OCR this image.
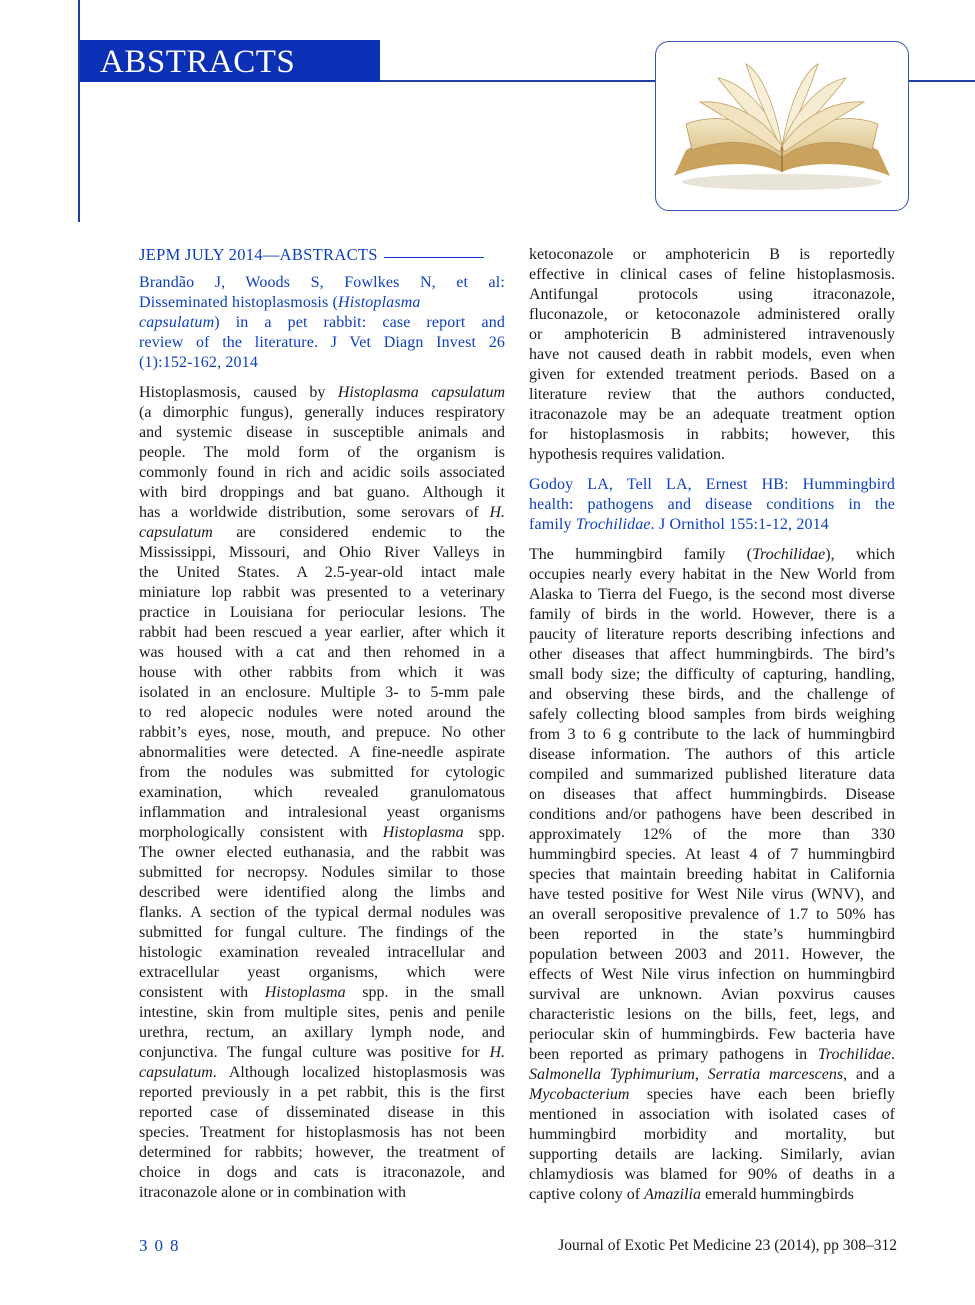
ABSTRACTS
JEPM JULY 2014—ABSTRACTS
Brandão J, Woods S, Fowlkes N, et al:
Disseminated histoplasmosis (Histoplasma
capsulatum) in a pet rabbit: case report and
review of the literature. J Vet Diagn Invest 26
(1):152-162, 2014
Histoplasmosis, caused by Histoplasma capsulatum
(a dimorphic fungus), generally induces respiratory
and systemic disease in susceptible animals and
people. The mold form of the organism is
commonly found in rich and acidic soils associated
with bird droppings and bat guano. Although it
has a worldwide distribution, some serovars of H.
capsulatum are considered endemic to the
Mississippi, Missouri, and Ohio River Valleys in
the United States. A 2.5-year-old intact male
miniature lop rabbit was presented to a veterinary
practice in Louisiana for periocular lesions. The
rabbit had been rescued a year earlier, after which it
was housed with a cat and then rehomed in a
house with other rabbits from which it was
isolated in an enclosure. Multiple 3- to 5-mm pale
to red alopecic nodules were noted around the
rabbit’s eyes, nose, mouth, and prepuce. No other
abnormalities were detected. A fine-needle aspirate
from the nodules was submitted for cytologic
examination, which revealed granulomatous
inflammation and intralesional yeast organisms
morphologically consistent with Histoplasma spp.
The owner elected euthanasia, and the rabbit was
submitted for necropsy. Nodules similar to those
described were identified along the limbs and
flanks. A section of the typical dermal nodules was
submitted for fungal culture. The findings of the
histologic examination revealed intracellular and
extracellular yeast organisms, which were
consistent with Histoplasma spp. in the small
intestine, skin from multiple sites, penis and penile
urethra, rectum, an axillary lymph node, and
conjunctiva. The fungal culture was positive for H.
capsulatum. Although localized histoplasmosis was
reported previously in a pet rabbit, this is the first
reported case of disseminated disease in this
species. Treatment for histoplasmosis has not been
determined for rabbits; however, the treatment of
choice in dogs and cats is itraconazole, and
itraconazole alone or in combination with
ketoconazole or amphotericin B is reportedly
effective in clinical cases of feline histoplasmosis.
Antifungal protocols using itraconazole,
fluconazole, or ketoconazole administered orally
or amphotericin B administered intravenously
have not caused death in rabbit models, even when
given for extended treatment periods. Based on a
literature review that the authors conducted,
itraconazole may be an adequate treatment option
for histoplasmosis in rabbits; however, this
hypothesis requires validation.
Godoy LA, Tell LA, Ernest HB: Hummingbird
health: pathogens and disease conditions in the
family Trochilidae. J Ornithol 155:1-12, 2014
The hummingbird family (Trochilidae), which
occupies nearly every habitat in the New World from
Alaska to Tierra del Fuego, is the second most diverse
family of birds in the world. However, there is a
paucity of literature reports describing infections and
other diseases that affect hummingbirds. The bird’s
small body size; the difficulty of capturing, handling,
and observing these birds, and the challenge of
safely collecting blood samples from birds weighing
from 3 to 6 g contribute to the lack of hummingbird
disease information. The authors of this article
compiled and summarized published literature data
on diseases that affect hummingbirds. Disease
conditions and/or pathogens have been described in
approximately 12% of the more than 330
hummingbird species. At least 4 of 7 hummingbird
species that maintain breeding habitat in California
have tested positive for West Nile virus (WNV), and
an overall seropositive prevalence of 1.7 to 50% has
been reported in the state’s hummingbird
population between 2003 and 2011. However, the
effects of West Nile virus infection on hummingbird
survival are unknown. Avian poxvirus causes
characteristic lesions on the bills, feet, legs, and
periocular skin of hummingbirds. Few bacteria have
been reported as primary pathogens in Trochilidae.
Salmonella Typhimurium, Serratia marcescens, and a
Mycobacterium species have each been briefly
mentioned in association with isolated cases of
hummingbird morbidity and mortality, but
supporting details are lacking. Similarly, avian
chlamydiosis was blamed for 90% of deaths in a
captive colony of Amazilia emerald hummingbirds
308	Journal of Exotic Pet Medicine 23 (2014), pp 308–312
